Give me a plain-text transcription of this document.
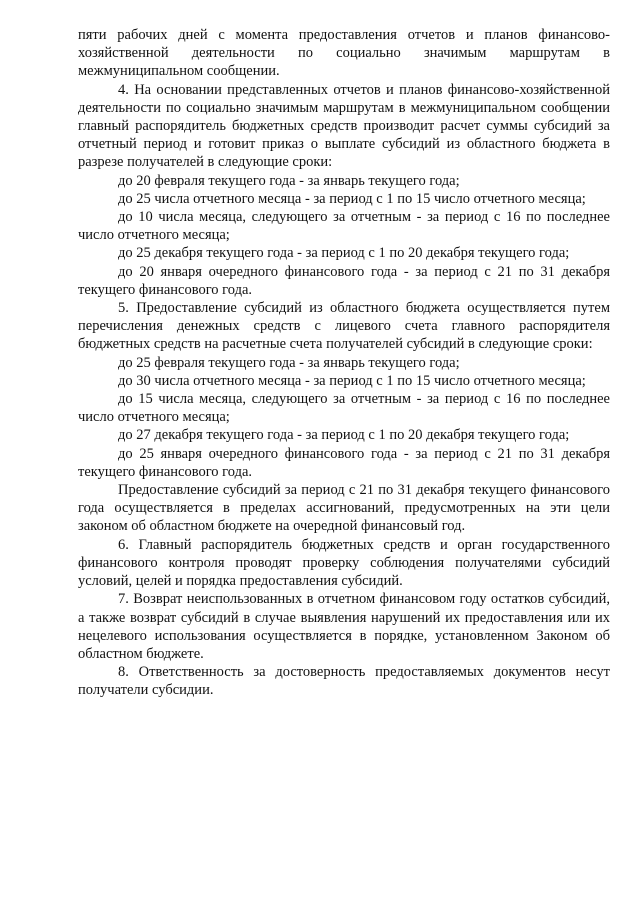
пяти рабочих дней с момента предоставления отчетов и планов финансово-хозяйственной деятельности по социально значимым маршрутам в межмуниципальном сообщении.

4. На основании представленных отчетов и планов финансово-хозяйственной деятельности по социально значимым маршрутам в межмуниципальном сообщении главный распорядитель бюджетных средств производит расчет суммы субсидий за отчетный период и готовит приказ о выплате субсидий из областного бюджета в разрезе получателей в следующие сроки:

до 20 февраля текущего года - за январь текущего года;

до 25 числа отчетного месяца - за период с 1 по 15 число отчетного месяца;

до 10 числа месяца, следующего за отчетным - за период с 16 по последнее число отчетного месяца;

до 25 декабря текущего года - за период с 1 по 20 декабря текущего года;

до 20 января очередного финансового года - за период с 21 по 31 декабря текущего финансового года.

5. Предоставление субсидий из областного бюджета осуществляется путем перечисления денежных средств с лицевого счета главного распорядителя бюджетных средств на расчетные счета получателей субсидий в следующие сроки:

до 25 февраля текущего года - за январь текущего года;

до 30 числа отчетного месяца - за период с 1 по 15 число отчетного месяца;

до 15 числа месяца, следующего за отчетным - за период с 16 по последнее число отчетного месяца;

до 27 декабря текущего года - за период с 1 по 20 декабря текущего года;

до 25 января очередного финансового года - за период с 21 по 31 декабря текущего финансового года.

Предоставление субсидий за период с 21 по 31 декабря текущего финансового года осуществляется в пределах ассигнований, предусмотренных на эти цели законом об областном бюджете на очередной финансовый год.

6. Главный распорядитель бюджетных средств и орган государственного финансового контроля проводят проверку соблюдения получателями субсидий условий, целей и порядка предоставления субсидий.

7. Возврат неиспользованных в отчетном финансовом году остатков субсидий, а также возврат субсидий в случае выявления нарушений их предоставления или их нецелевого использования осуществляется в порядке, установленном Законом об областном бюджете.

8. Ответственность за достоверность предоставляемых документов несут получатели субсидии.
